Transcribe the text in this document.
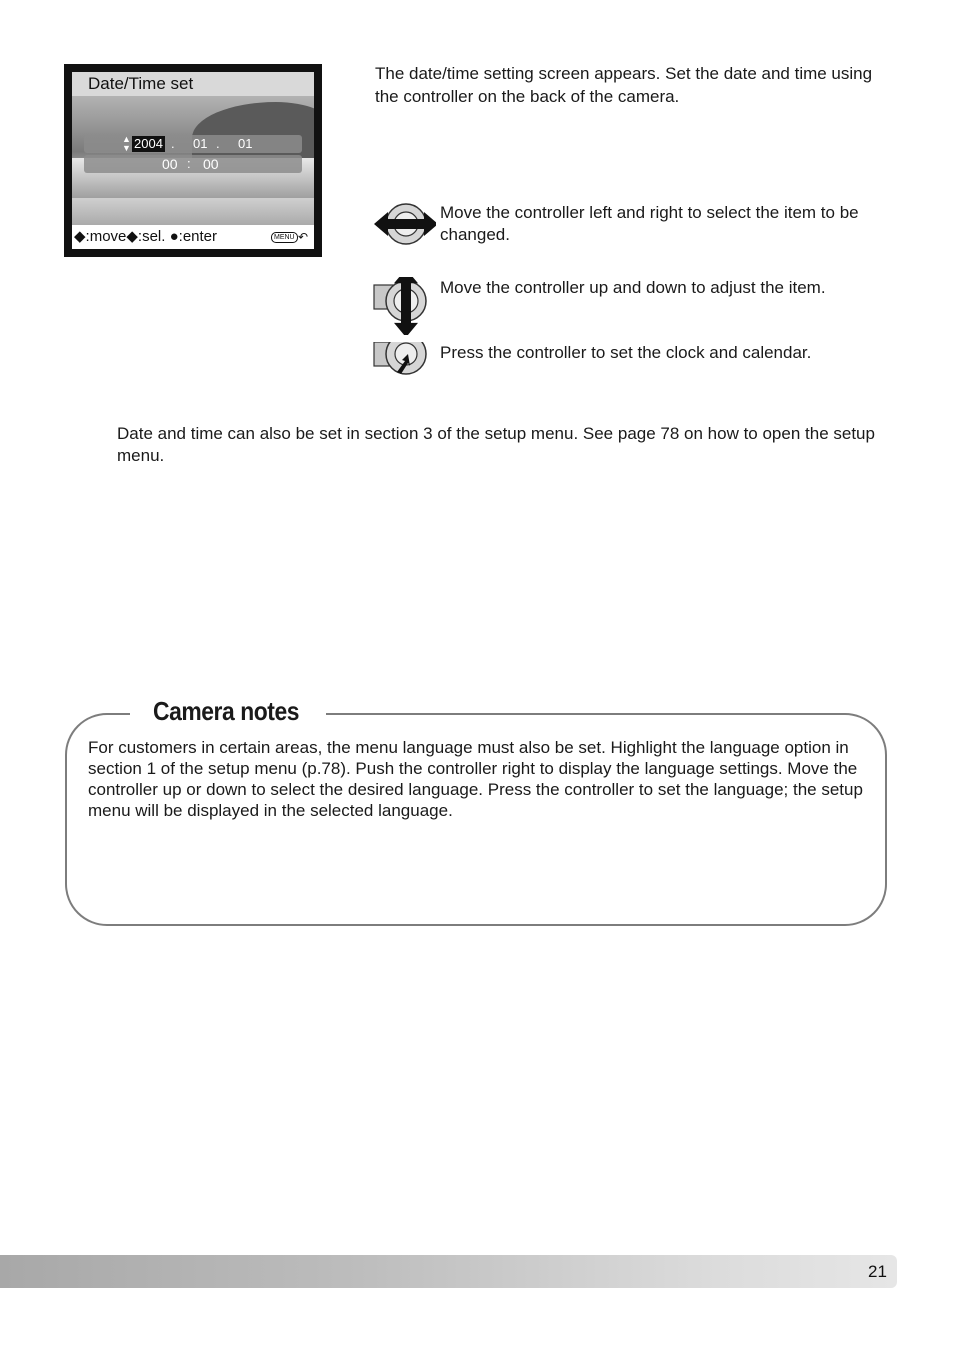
Date/Time set
▲
▼ 2004 . 01 . 01
00 : 00
◆:move◆:sel. ●:enter	MENU ↶

The date/time setting screen appears. Set the date and time using the controller on the back of the camera.

Move the controller left and right to select the item to be changed.

Move the controller up and down to adjust the item.

Press the controller to set the clock and calendar.

Date and time can also be set in section 3 of the setup menu. See page 78 on how to open the setup menu.

Camera notes

For customers in certain areas, the menu language must also be set. Highlight the language option in section 1 of the setup menu (p.78). Push the controller right to display the language settings. Move the controller up or down to select the desired language. Press the controller to set the language; the setup menu will be displayed in the selected language.

21
